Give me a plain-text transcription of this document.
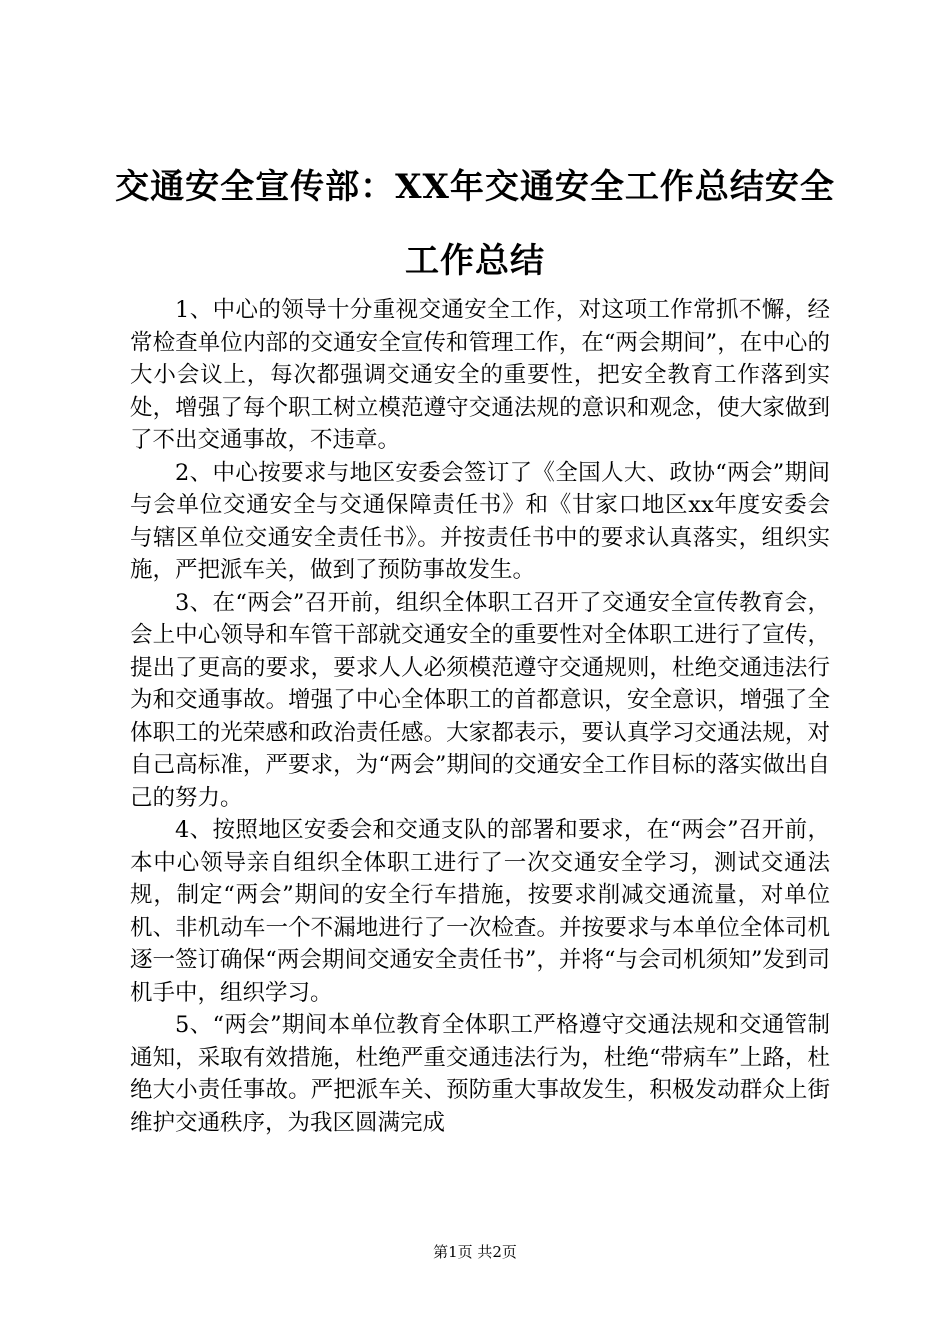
交通安全宣传部：XX年交通安全工作总结安全工作总结

1、中心的领导十分重视交通安全工作，对这项工作常抓不懈，经常检查单位内部的交通安全宣传和管理工作，在“两会期间”，在中心的大小会议上，每次都强调交通安全的重要性，把安全教育工作落到实处，增强了每个职工树立模范遵守交通法规的意识和观念，使大家做到了不出交通事故，不违章。

2、中心按要求与地区安委会签订了《全国人大、政协“两会”期间与会单位交通安全与交通保障责任书》和《甘家口地区xx年度安委会与辖区单位交通安全责任书》。并按责任书中的要求认真落实，组织实施，严把派车关，做到了预防事故发生。

3、在“两会”召开前，组织全体职工召开了交通安全宣传教育会，会上中心领导和车管干部就交通安全的重要性对全体职工进行了宣传，提出了更高的要求，要求人人必须模范遵守交通规则，杜绝交通违法行为和交通事故。增强了中心全体职工的首都意识，安全意识，增强了全体职工的光荣感和政治责任感。大家都表示，要认真学习交通法规，对自己高标准，严要求，为“两会”期间的交通安全工作目标的落实做出自己的努力。

4、按照地区安委会和交通支队的部署和要求，在“两会”召开前，本中心领导亲自组织全体职工进行了一次交通安全学习，测试交通法规，制定“两会”期间的安全行车措施，按要求削减交通流量，对单位机、非机动车一个不漏地进行了一次检查。并按要求与本单位全体司机逐一签订确保“两会期间交通安全责任书”，并将“与会司机须知”发到司机手中，组织学习。

5、“两会”期间本单位教育全体职工严格遵守交通法规和交通管制通知，采取有效措施，杜绝严重交通违法行为，杜绝“带病车”上路，杜绝大小责任事故。严把派车关、预防重大事故发生，积极发动群众上街维护交通秩序，为我区圆满完成

第1页 共2页
